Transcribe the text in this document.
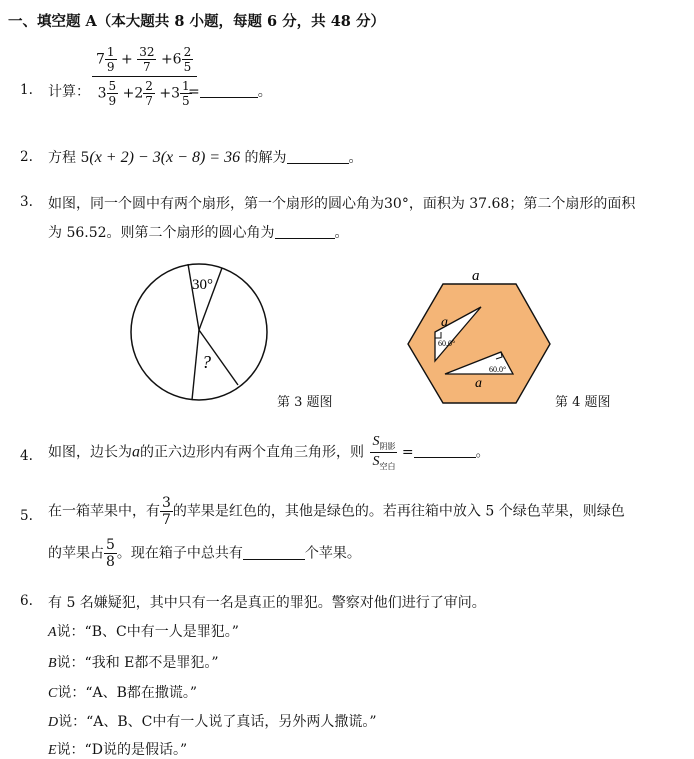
一、填空题 A（本大题共 8 小题，每题 6 分，共 48 分）
1. 计算： $\frac{7 \frac{1}{9} + \frac{32}{7} +6 \frac{2}{5}}{3 \frac{5}{9} +2 \frac{2}{7} +3 \frac{1}{5}}$
=	。
2. 方程 5(x + 2) − 3(x − 8) = 36 的解为	。
3. 如图，同一个圆中有两个扇形，第一个扇形的圆心角为30°，面积为 37.68；第二个扇形的面积
为 56.52。则第二个扇形的圆心角为	。
30°
?
第 3 题图
a
a
60.0°
a
60.0°
第 4 题图
4. 如图，边长为a的正六边形内有两个直角三角形，则 $\frac{S_{阴影}}{S_{空白}}$ =	。
5. 在一箱苹果中，有 $\frac{3}{7}$ 的苹果是红色的，其他是绿色的。若再往箱中放入 5 个绿色苹果，则绿色
的苹果占 $\frac{5}{8}$ 。现在箱子中总共有	个苹果。
6. 有 5 名嫌疑犯，其中只有一名是真正的罪犯。警察对他们进行了审问。
A说：“B、C中有一人是罪犯。”
B说：“我和 E都不是罪犯。”
C说：“A、B都在撒谎。”
D说：“A、B、C中有一人说了真话，另外两人撒谎。”
E说：“D说的是假话。”
